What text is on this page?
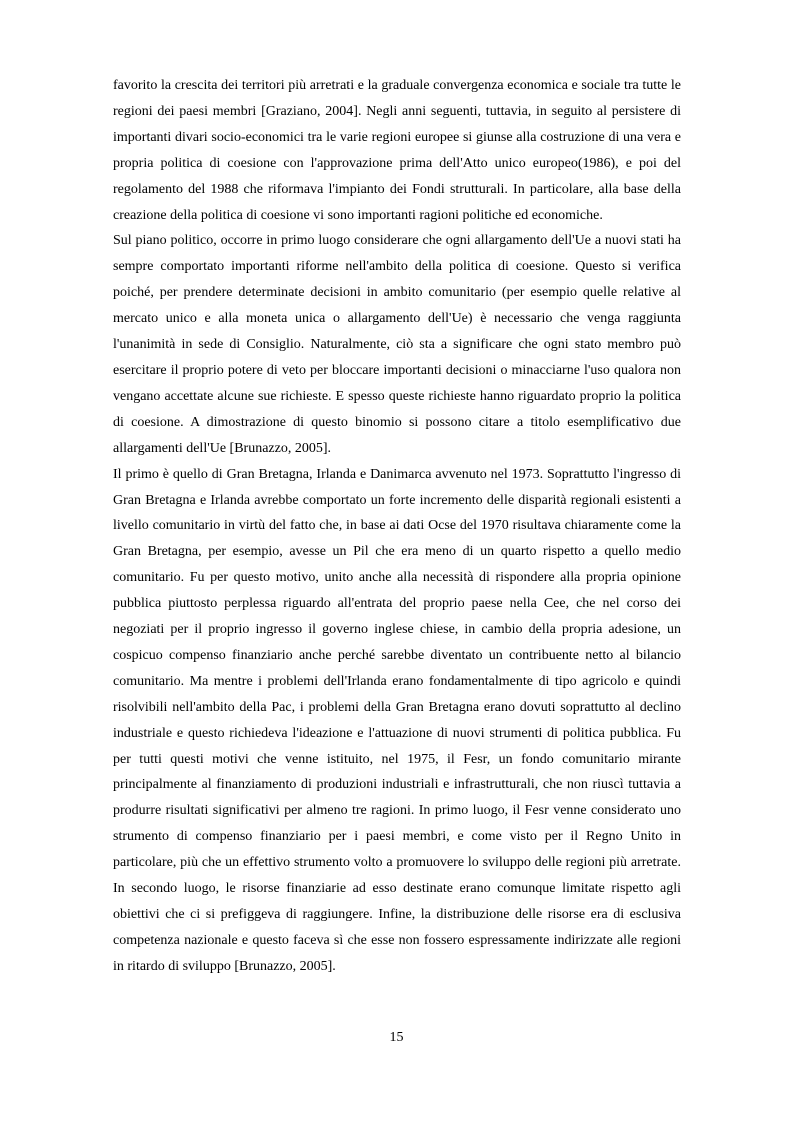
favorito la crescita dei territori più arretrati e la graduale convergenza economica e sociale tra tutte le regioni dei paesi membri [Graziano, 2004]. Negli anni seguenti, tuttavia, in seguito al persistere di importanti divari socio-economici tra le varie regioni europee si giunse alla costruzione di una vera e propria politica di coesione con l'approvazione prima dell'Atto unico europeo(1986), e poi del regolamento del 1988 che riformava l'impianto dei Fondi strutturali. In particolare, alla base della creazione della politica di coesione vi sono importanti ragioni politiche ed economiche.

Sul piano politico, occorre in primo luogo considerare che ogni allargamento dell'Ue a nuovi stati ha sempre comportato importanti riforme nell'ambito della politica di coesione. Questo si verifica poiché, per prendere determinate decisioni in ambito comunitario (per esempio quelle relative al mercato unico e alla moneta unica o allargamento dell'Ue) è necessario che venga raggiunta l'unanimità in sede di Consiglio. Naturalmente, ciò sta a significare che ogni stato membro può esercitare il proprio potere di veto per bloccare importanti decisioni o minacciarne l'uso qualora non vengano accettate alcune sue richieste. E spesso queste richieste hanno riguardato proprio la politica di coesione. A dimostrazione di questo binomio si possono citare a titolo esemplificativo due allargamenti dell'Ue [Brunazzo, 2005].

Il primo è quello di Gran Bretagna, Irlanda e Danimarca avvenuto nel 1973. Soprattutto l'ingresso di Gran Bretagna e Irlanda avrebbe comportato un forte incremento delle disparità regionali esistenti a livello comunitario in virtù del fatto che, in base ai dati Ocse del 1970 risultava chiaramente come la Gran Bretagna, per esempio, avesse un Pil che era meno di un quarto rispetto a quello medio comunitario. Fu per questo motivo, unito anche alla necessità di rispondere alla propria opinione pubblica piuttosto perplessa riguardo all'entrata del proprio paese nella Cee, che nel corso dei negoziati per il proprio ingresso il governo inglese chiese, in cambio della propria adesione, un cospicuo compenso finanziario anche perché sarebbe diventato un contribuente netto al bilancio comunitario. Ma mentre i problemi dell'Irlanda erano fondamentalmente di tipo agricolo e quindi risolvibili nell'ambito della Pac, i problemi della Gran Bretagna erano dovuti soprattutto al declino industriale e questo richiedeva l'ideazione e l'attuazione di nuovi strumenti di politica pubblica. Fu per tutti questi motivi che venne istituito, nel 1975, il Fesr, un fondo comunitario mirante principalmente al finanziamento di produzioni industriali e infrastrutturali, che non riuscì tuttavia a produrre risultati significativi per almeno tre ragioni. In primo luogo, il Fesr venne considerato uno strumento di compenso finanziario per i paesi membri, e come visto per il Regno Unito in particolare, più che un effettivo strumento volto a promuovere lo sviluppo delle regioni più arretrate. In secondo luogo, le risorse finanziarie ad esso destinate erano comunque limitate rispetto agli obiettivi che ci si prefiggeva di raggiungere. Infine, la distribuzione delle risorse era di esclusiva competenza nazionale e questo faceva sì che esse non fossero espressamente indirizzate alle regioni in ritardo di sviluppo [Brunazzo, 2005].

15
